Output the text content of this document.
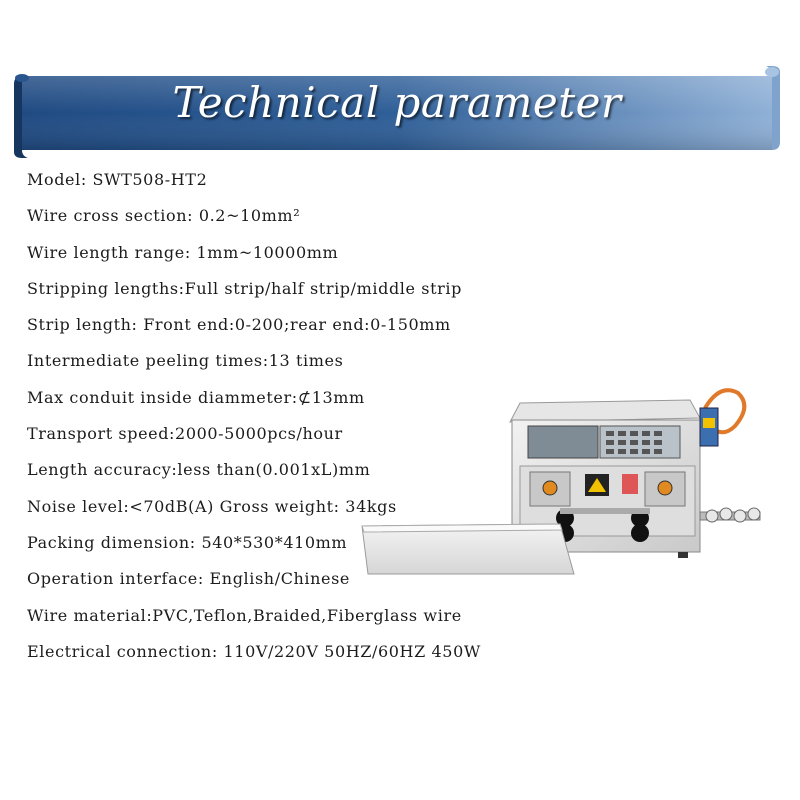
Technical parameter
Model: SWT508-HT2
Wire cross section: 0.2~10mm²
Wire length range: 1mm~10000mm
Stripping lengths:Full strip/half strip/middle strip
Strip length: Front end:0-200;rear end:0-150mm
Intermediate peeling times:13 times
Max conduit inside diammeter:⊄13mm
Transport speed:2000-5000pcs/hour
Length accuracy:less than(0.001xL)mm
Noise level:<70dB(A) Gross weight: 34kgs
Packing dimension: 540*530*410mm
Operation interface: English/Chinese
Wire material:PVC,Teflon,Braided,Fiberglass wire
Electrical connection: 110V/220V 50HZ/60HZ 450W
